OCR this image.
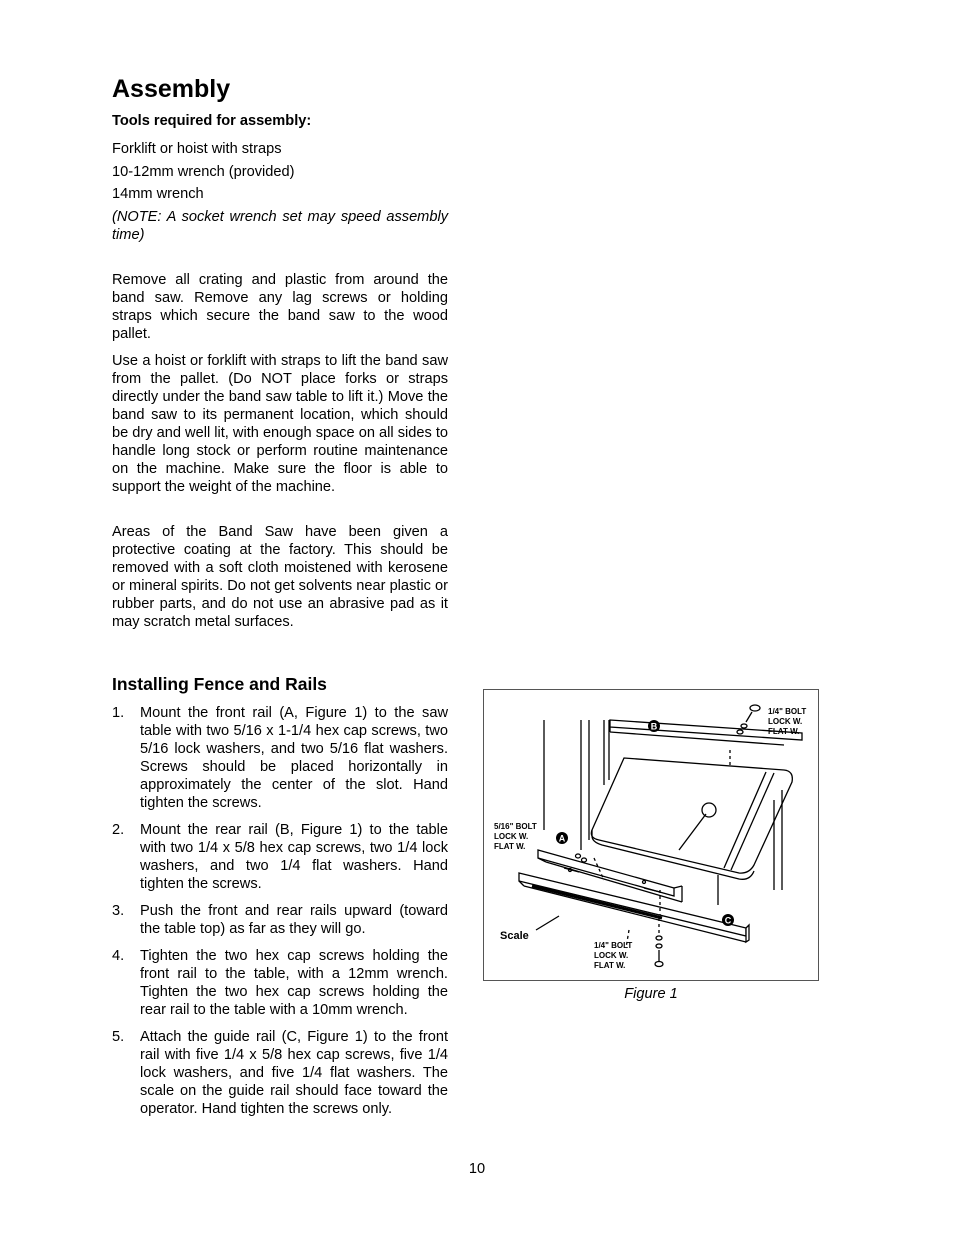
Assembly
Tools required for assembly:
Forklift or hoist with straps
10-12mm wrench (provided)
14mm wrench
(NOTE: A socket wrench set may speed assembly time)

Remove all crating and plastic from around the band saw. Remove any lag screws or holding straps which secure the band saw to the wood pallet.

Use a hoist or forklift with straps to lift the band saw from the pallet. (Do NOT place forks or straps directly under the band saw table to lift it.) Move the band saw to its permanent location, which should be dry and well lit, with enough space on all sides to handle long stock or perform routine maintenance on the machine. Make sure the floor is able to support the weight of the machine.

Areas of the Band Saw have been given a protective coating at the factory. This should be removed with a soft cloth moistened with kerosene or mineral spirits. Do not get solvents near plastic or rubber parts, and do not use an abrasive pad as it may scratch metal surfaces.

Installing Fence and Rails
1.	Mount the front rail (A, Figure 1) to the saw table with two 5/16 x 1-1/4 hex cap screws, two 5/16 lock washers, and two 5/16 flat washers. Screws should be placed horizontally in approximately the center of the slot. Hand tighten the screws.
2.	Mount the rear rail (B, Figure 1) to the table with two 1/4 x 5/8 hex cap screws, two 1/4 lock washers, and two 1/4 flat washers. Hand tighten the screws.
3.	Push the front and rear rails upward (toward the table top) as far as they will go.
4.	Tighten the two hex cap screws holding the front rail to the table, with a 12mm wrench. Tighten the two hex cap screws holding the rear rail to the table with a 10mm wrench.
5.	Attach the guide rail (C, Figure 1) to the front rail with five 1/4 x 5/8 hex cap screws, five 1/4 lock washers, and five 1/4 flat washers. The scale on the guide rail should face toward the operator. Hand tighten the screws only.
B
A
C
Scale
1/4" BOLT
LOCK W.
FLAT W.
5/16" BOLT
LOCK W.
FLAT W.
1/4" BOLT
LOCK W.
FLAT W.
Figure 1
10
